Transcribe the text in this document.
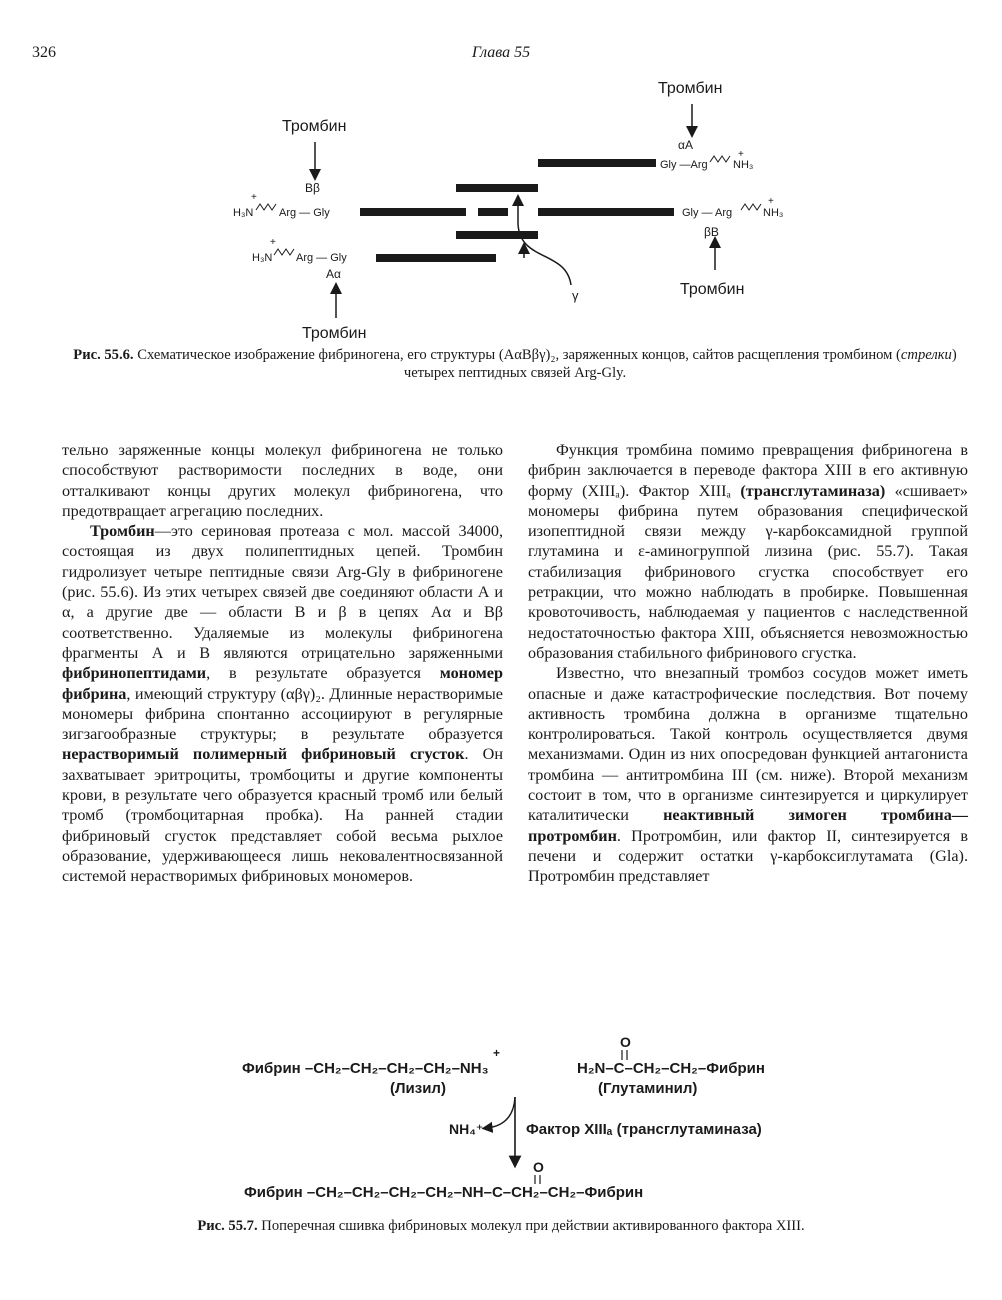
326	Глава 55
Тромбин
Bβ
+
H₃N Arg — Gly
+
H₃N Arg — Gly
Aα
Тромбин
γ
Тромбин
αA
Gly —Arg
+
NH₃
Gly — Arg
+
NH₃
βB
Тромбин
Рис. 55.6. Схематическое изображение фибриногена, его структуры (AαBβγ)₂, заряженных концов, сайтов расщепления тромбином (стрелки) четырех пептидных связей Arg-Gly.

тельно заряженные концы молекул фибриногена не только способствуют растворимости последних в воде, они отталкивают концы других молекул фибриногена, что предотвращает агрегацию последних.

Тромбин—это сериновая протеаза с мол. массой 34000, состоящая из двух полипептидных цепей. Тромбин гидролизует четыре пептидные связи Arg-Gly в фибриногене (рис. 55.6). Из этих четырех связей две соединяют области А и α, а другие две — области В и β в цепях Aα и Bβ соответственно. Удаляемые из молекулы фибриногена фрагменты А и В являются отрицательно заряженными фибринопептидами, в результате образуется мономер фибрина, имеющий структуру (αβγ)₂. Длинные нерастворимые мономеры фибрина спонтанно ассоциируют в регулярные зигзагообразные структуры; в результате образуется нерастворимый полимерный фибриновый сгусток. Он захватывает эритроциты, тромбоциты и другие компоненты крови, в результате чего образуется красный тромб или белый тромб (тромбоцитарная пробка). На ранней стадии фибриновый сгусток представляет собой весьма рыхлое образование, удерживающееся лишь нековалентносвязанной системой нерастворимых фибриновых мономеров.

Функция тромбина помимо превращения фибриногена в фибрин заключается в переводе фактора XIII в его активную форму (XIIIₐ). Фактор XIIIₐ (трансглутаминаза) «сшивает» мономеры фибрина путем образования специфической изопептидной связи между γ-карбоксамидной группой глутамина и ε-аминогруппой лизина (рис. 55.7). Такая стабилизация фибринового сгустка способствует его ретракции, что можно наблюдать в пробирке. Повышенная кровоточивость, наблюдаемая у пациентов с наследственной недостаточностью фактора XIII, объясняется невозможностью образования стабильного фибринового сгустка.

Известно, что внезапный тромбоз сосудов может иметь опасные и даже катастрофические последствия. Вот почему активность тромбина должна в организме тщательно контролироваться. Такой контроль осуществляется двумя механизмами. Один из них опосредован функцией антагониста тромбина — антитромбина III (см. ниже). Второй механизм состоит в том, что в организме синтезируется и циркулирует каталитически неактивный зимоген тромбина—протромбин. Протромбин, или фактор II, синтезируется в печени и содержит остатки γ-карбоксиглутамата (Gla). Протромбин представляет

+
Фибрин –CH₂–CH₂–CH₂–CH₂–NH₃
(Лизил)
O
H₂N–C–CH₂–CH₂–Фибрин
(Глутаминил)
NH₄⁺	Фактор XIIIₐ (трансглутаминаза)
O
Фибрин –CH₂–CH₂–CH₂–CH₂–NH–C–CH₂–CH₂–Фибрин
Рис. 55.7. Поперечная сшивка фибриновых молекул при действии активированного фактора XIII.
